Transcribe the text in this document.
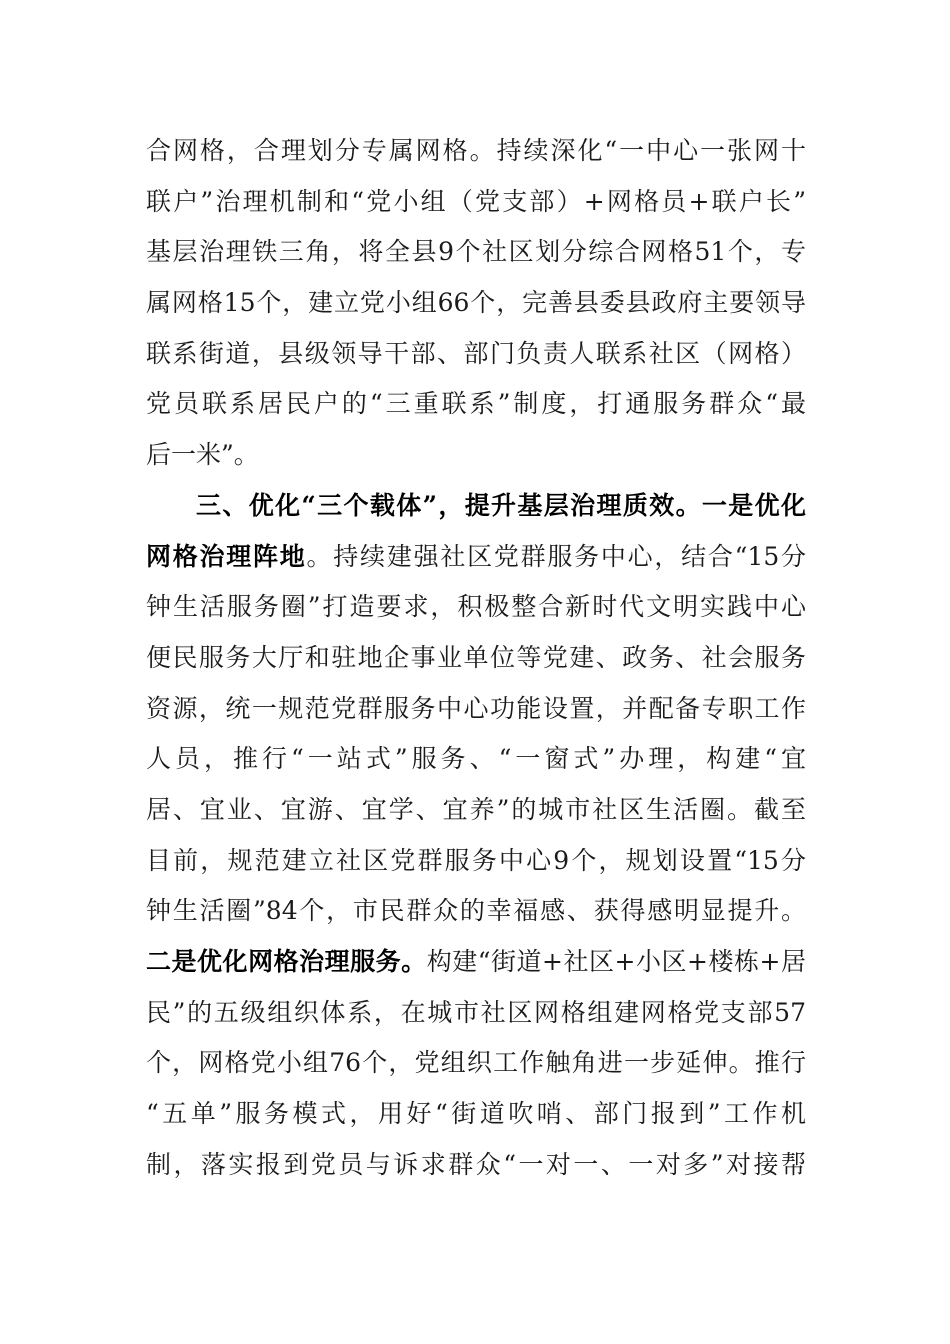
合网格，合理划分专属网格。持续深化“一中心一张网十
联户”治理机制和“党小组（党支部）+网格员+联户长”
基层治理铁三角，将全县9个社区划分综合网格51个，专
属网格15个，建立党小组66个，完善县委县政府主要领导
联系街道，县级领导干部、部门负责人联系社区（网格）
党员联系居民户的“三重联系”制度，打通服务群众“最
后一米”。
三、优化“三个载体”，提升基层治理质效。一是优化
网格治理阵地。持续建强社区党群服务中心，结合“15分
钟生活服务圈”打造要求，积极整合新时代文明实践中心
便民服务大厅和驻地企事业单位等党建、政务、社会服务
资源，统一规范党群服务中心功能设置，并配备专职工作
人员，推行“一站式”服务、“一窗式”办理，构建“宜
居、宜业、宜游、宜学、宜养”的城市社区生活圈。截至
目前，规范建立社区党群服务中心9个，规划设置“15分
钟生活圈”84个，市民群众的幸福感、获得感明显提升。
二是优化网格治理服务。构建“街道+社区+小区+楼栋+居
民”的五级组织体系，在城市社区网格组建网格党支部57
个，网格党小组76个，党组织工作触角进一步延伸。推行
“五单”服务模式，用好“街道吹哨、部门报到”工作机
制，落实报到党员与诉求群众“一对一、一对多”对接帮
